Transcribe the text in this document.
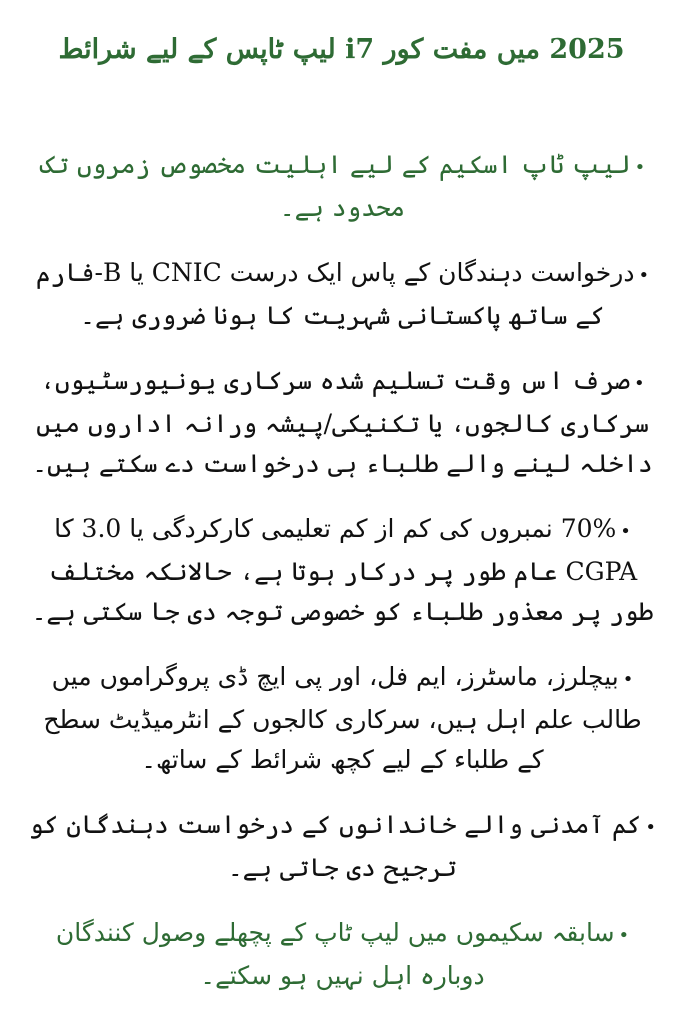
2025 میں مفت کور i7 لیپ ٹاپس کے لیے شرائط

•لیپ ٹاپ اسکیم کے لیے اہلیت مخصوص زمروں تک محدود ہے۔

•درخواست دہندگان کے پاس ایک درست CNIC یا B-فارم کے ساتھ پاکستانی شہریت کا ہونا ضروری ہے۔

•صرف اس وقت تسلیم شدہ سرکاری یونیورسٹیوں، سرکاری کالجوں، یا تکنیکی/پیشہ ورانہ اداروں میں داخلہ لینے والے طلباء ہی درخواست دے سکتے ہیں۔

•70% نمبروں کی کم از کم تعلیمی کارکردگی یا 3.0 کا CGPA عام طور پر درکار ہوتا ہے، حالانکہ مختلف طور پر معذور طلباء کو خصوصی توجہ دی جا سکتی ہے۔

•بیچلرز، ماسٹرز، ایم فل، اور پی ایچ ڈی پروگراموں میں طالب علم اہل ہیں، سرکاری کالجوں کے انٹرمیڈیٹ سطح کے طلباء کے لیے کچھ شرائط کے ساتھ۔

•کم آمدنی والے خاندانوں کے درخواست دہندگان کو ترجیح دی جاتی ہے۔

•سابقہ سکیموں میں لیپ ٹاپ کے پچھلے وصول کنندگان دوبارہ اہل نہیں ہو سکتے۔
